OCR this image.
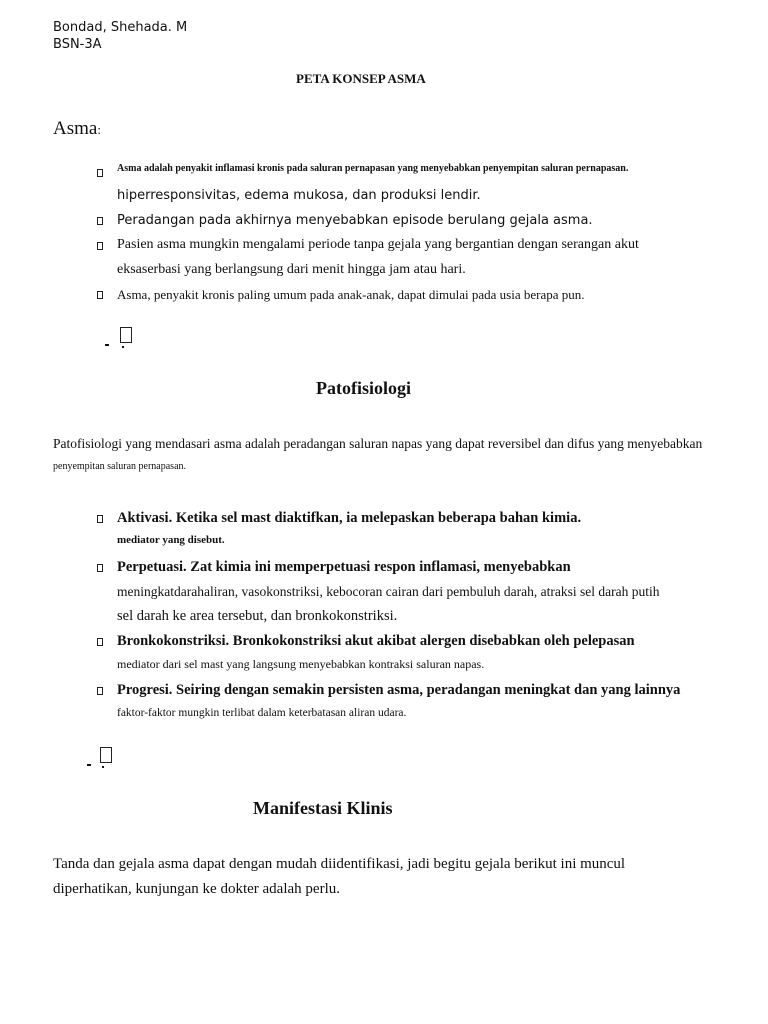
Bondad, Shehada. M
BSN-3A
PETA KONSEP ASMA
Asma:
Asma adalah penyakit inflamasi kronis pada saluran pernapasan yang menyebabkan penyempitan saluran pernapasan.
hiperresponsivitas, edema mukosa, dan produksi lendir.
Peradangan pada akhirnya menyebabkan episode berulang gejala asma.
Pasien asma mungkin mengalami periode tanpa gejala yang bergantian dengan serangan akut
eksaserbasi yang berlangsung dari menit hingga jam atau hari.
Asma, penyakit kronis paling umum pada anak-anak, dapat dimulai pada usia berapa pun.
Patofisiologi
Patofisiologi yang mendasari asma adalah peradangan saluran napas yang dapat reversibel dan difus yang menyebabkan
penyempitan saluran pernapasan.
Aktivasi. Ketika sel mast diaktifkan, ia melepaskan beberapa bahan kimia.
mediator yang disebut.
Perpetuasi. Zat kimia ini memperpetuasi respon inflamasi, menyebabkan
meningkatdarahaliran, vasokonstriksi, kebocoran cairan dari pembuluh darah, atraksi sel darah putih
sel darah ke area tersebut, dan bronkokonstriksi.
Bronkokonstriksi. Bronkokonstriksi akut akibat alergen disebabkan oleh pelepasan
mediator dari sel mast yang langsung menyebabkan kontraksi saluran napas.
Progresi. Seiring dengan semakin persisten asma, peradangan meningkat dan yang lainnya
faktor-faktor mungkin terlibat dalam keterbatasan aliran udara.
Manifestasi Klinis
Tanda dan gejala asma dapat dengan mudah diidentifikasi, jadi begitu gejala berikut ini muncul
diperhatikan, kunjungan ke dokter adalah perlu.
